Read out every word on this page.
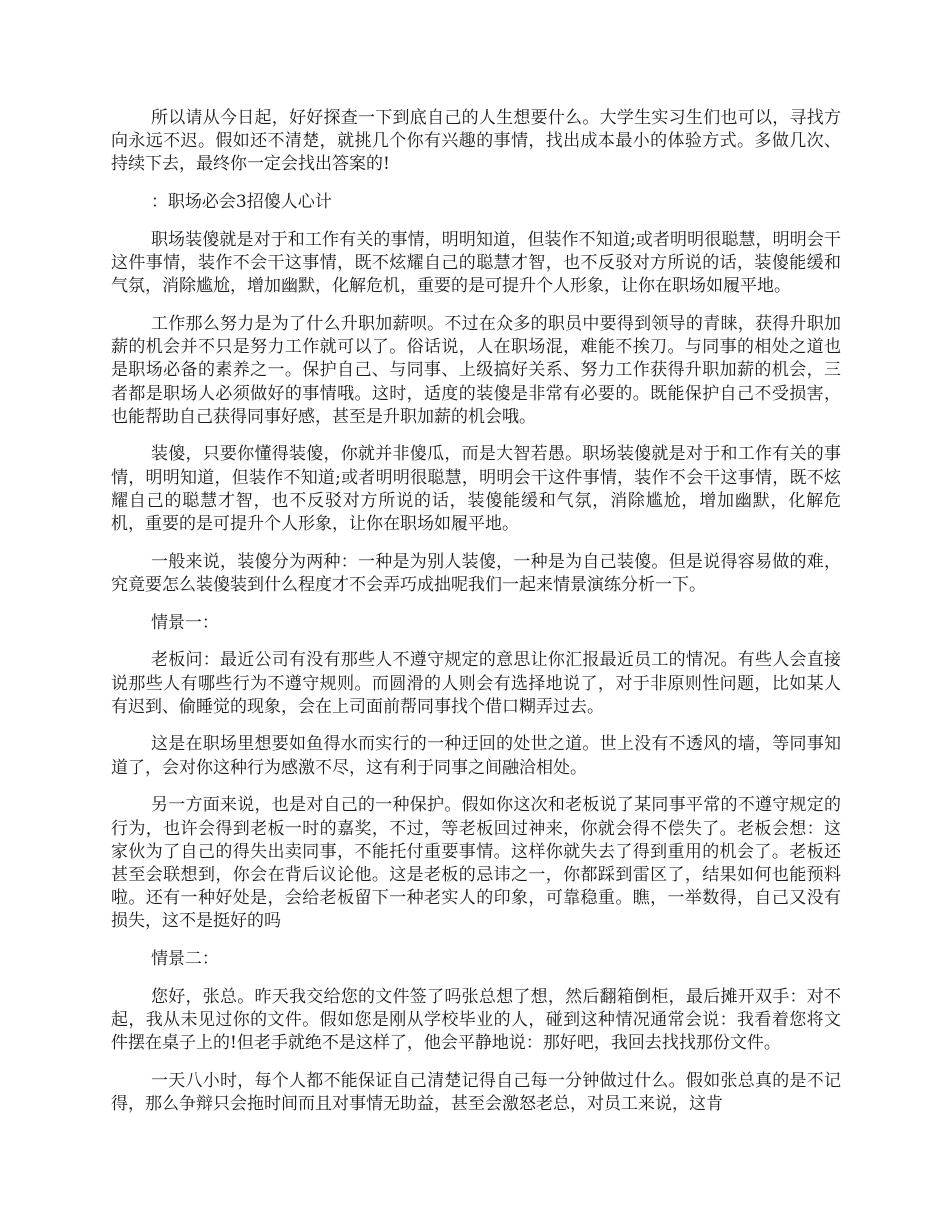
所以请从今日起，好好探查一下到底自己的人生想要什么。大学生实习生们也可以，寻找方向永远不迟。假如还不清楚，就挑几个你有兴趣的事情，找出成本最小的体验方式。多做几次、持续下去，最终你一定会找出答案的!

：职场必会3招傻人心计

职场装傻就是对于和工作有关的事情，明明知道，但装作不知道;或者明明很聪慧，明明会干这件事情，装作不会干这事情，既不炫耀自己的聪慧才智，也不反驳对方所说的话，装傻能缓和气氛，消除尴尬，增加幽默，化解危机，重要的是可提升个人形象，让你在职场如履平地。

工作那么努力是为了什么升职加薪呗。不过在众多的职员中要得到领导的青睐，获得升职加薪的机会并不只是努力工作就可以了。俗话说，人在职场混，难能不挨刀。与同事的相处之道也是职场必备的素养之一。保护自己、与同事、上级搞好关系、努力工作获得升职加薪的机会，三者都是职场人必须做好的事情哦。这时，适度的装傻是非常有必要的。既能保护自己不受损害，也能帮助自己获得同事好感，甚至是升职加薪的机会哦。

装傻，只要你懂得装傻，你就并非傻瓜，而是大智若愚。职场装傻就是对于和工作有关的事情，明明知道，但装作不知道;或者明明很聪慧，明明会干这件事情，装作不会干这事情，既不炫耀自己的聪慧才智，也不反驳对方所说的话，装傻能缓和气氛，消除尴尬，增加幽默，化解危机，重要的是可提升个人形象，让你在职场如履平地。

一般来说，装傻分为两种：一种是为别人装傻，一种是为自己装傻。但是说得容易做的难，究竟要怎么装傻装到什么程度才不会弄巧成拙呢我们一起来情景演练分析一下。

情景一：

老板问：最近公司有没有那些人不遵守规定的意思让你汇报最近员工的情况。有些人会直接说那些人有哪些行为不遵守规则。而圆滑的人则会有选择地说了，对于非原则性问题，比如某人有迟到、偷睡觉的现象，会在上司面前帮同事找个借口糊弄过去。

这是在职场里想要如鱼得水而实行的一种迂回的处世之道。世上没有不透风的墙，等同事知道了，会对你这种行为感激不尽，这有利于同事之间融洽相处。

另一方面来说，也是对自己的一种保护。假如你这次和老板说了某同事平常的不遵守规定的行为，也许会得到老板一时的嘉奖，不过，等老板回过神来，你就会得不偿失了。老板会想：这家伙为了自己的得失出卖同事，不能托付重要事情。这样你就失去了得到重用的机会了。老板还甚至会联想到，你会在背后议论他。这是老板的忌讳之一，你都踩到雷区了，结果如何也能预料啦。还有一种好处是，会给老板留下一种老实人的印象，可靠稳重。瞧，一举数得，自己又没有损失，这不是挺好的吗

情景二：

您好，张总。昨天我交给您的文件签了吗张总想了想，然后翻箱倒柜，最后摊开双手：对不起，我从未见过你的文件。假如您是刚从学校毕业的人，碰到这种情况通常会说：我看着您将文件摆在桌子上的!但老手就绝不是这样了，他会平静地说：那好吧，我回去找找那份文件。

一天八小时，每个人都不能保证自己清楚记得自己每一分钟做过什么。假如张总真的是不记得，那么争辩只会拖时间而且对事情无助益，甚至会激怒老总，对员工来说，这肯
